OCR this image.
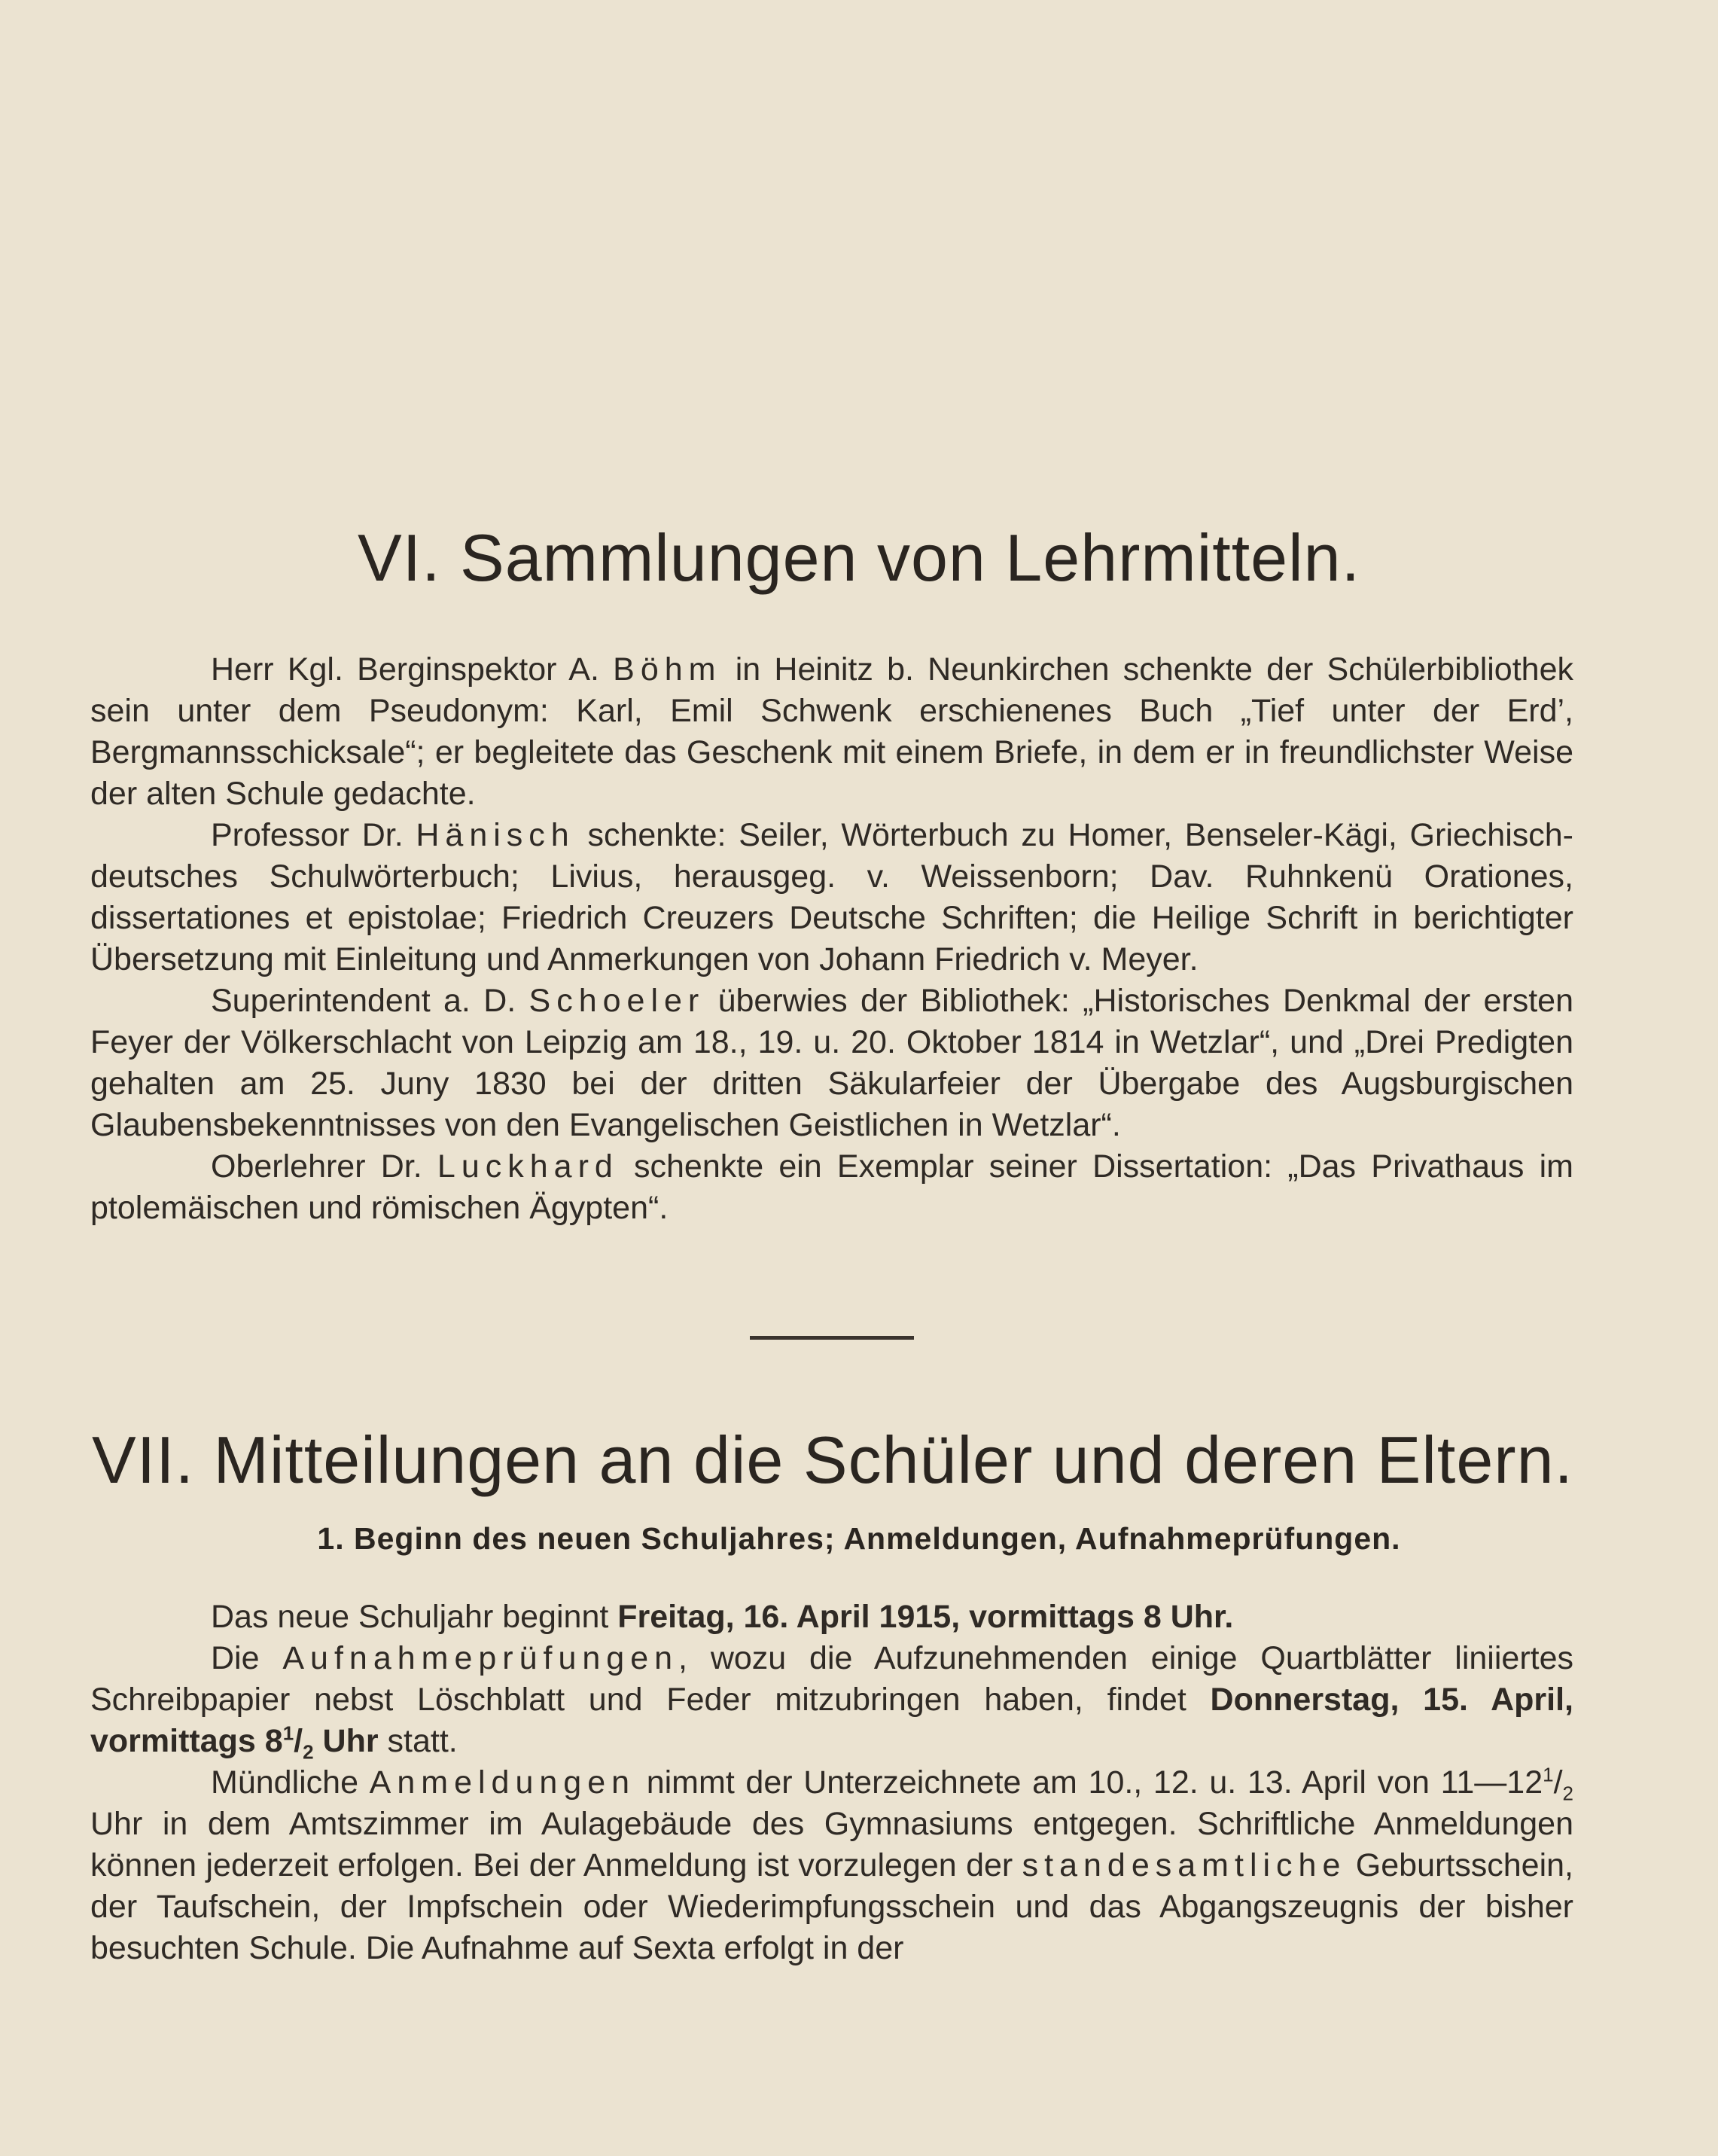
VI. Sammlungen von Lehrmitteln.

Herr Kgl. Berginspektor A. Böhm in Heinitz b. Neunkirchen schenkte der Schülerbibliothek sein unter dem Pseudonym: Karl, Emil Schwenk erschienenes Buch „Tief unter der Erd’, Bergmannsschicksale“; er begleitete das Geschenk mit einem Briefe, in dem er in freundlichster Weise der alten Schule gedachte.

Professor Dr. Hänisch schenkte: Seiler, Wörterbuch zu Homer, Benseler-Kägi, Griechisch-deutsches Schulwörterbuch; Livius, herausgeg. v. Weissenborn; Dav. Ruhnkenü Orationes, dissertationes et epistolae; Friedrich Creuzers Deutsche Schriften; die Heilige Schrift in berichtigter Übersetzung mit Einleitung und Anmerkungen von Johann Friedrich v. Meyer.

Superintendent a. D. Schoeler überwies der Bibliothek: „Historisches Denkmal der ersten Feyer der Völkerschlacht von Leipzig am 18., 19. u. 20. Oktober 1814 in Wetzlar“, und „Drei Predigten gehalten am 25. Juny 1830 bei der dritten Säkularfeier der Übergabe des Augsburgischen Glaubensbekenntnisses von den Evangelischen Geistlichen in Wetzlar“.

Oberlehrer Dr. Luckhard schenkte ein Exemplar seiner Dissertation: „Das Privathaus im ptolemäischen und römischen Ägypten“.

VII. Mitteilungen an die Schüler und deren Eltern.
1. Beginn des neuen Schuljahres; Anmeldungen, Aufnahmeprüfungen.

Das neue Schuljahr beginnt Freitag, 16. April 1915, vormittags 8 Uhr.

Die Aufnahmeprüfungen, wozu die Aufzunehmenden einige Quartblätter liniiertes Schreibpapier nebst Löschblatt und Feder mitzubringen haben, findet Donnerstag, 15. April, vormittags $8^1/_2$ Uhr statt.

Mündliche Anmeldungen nimmt der Unterzeichnete am 10., 12. u. 13. April von $11—12^1/_2$ Uhr in dem Amtszimmer im Aulagebäude des Gymnasiums entgegen. Schriftliche Anmeldungen können jederzeit erfolgen. Bei der Anmeldung ist vorzulegen der standesamtliche Geburtsschein, der Taufschein, der Impfschein oder Wiederimpfungsschein und das Abgangszeugnis der bisher besuchten Schule. Die Aufnahme auf Sexta erfolgt in der
